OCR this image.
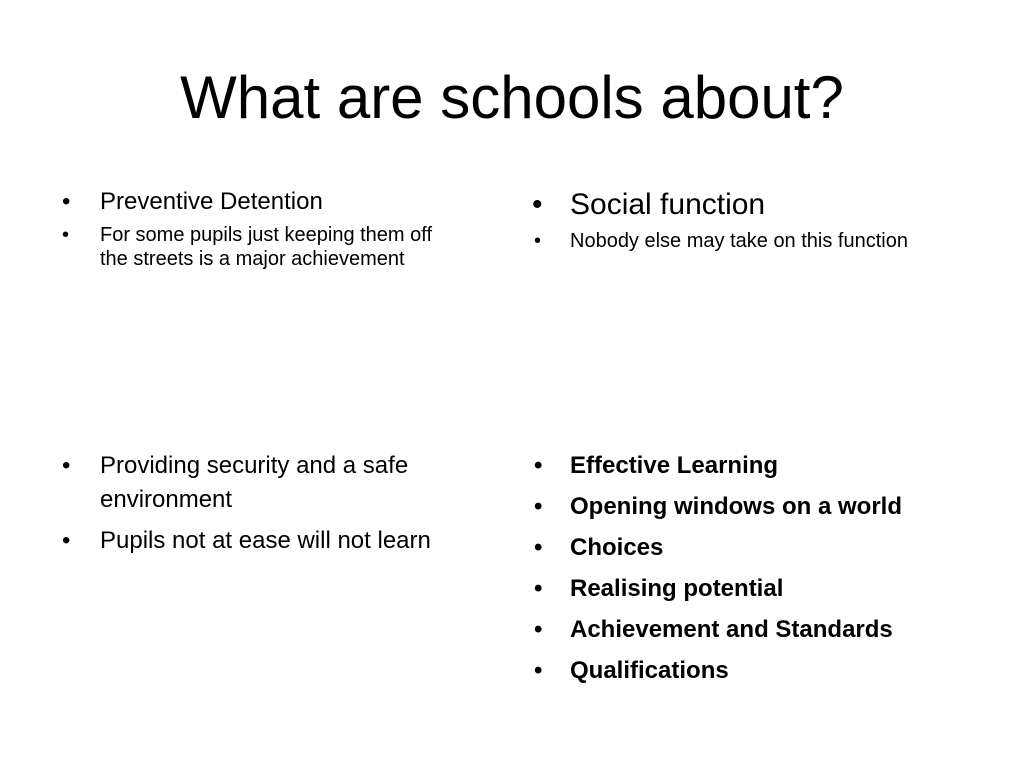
What are schools about?
• Preventive Detention
• For some pupils just keeping them off the streets is a major achievement
• Social function
• Nobody else may take on this function
• Providing security and a safe environment
• Pupils not at ease will not learn
• Effective Learning
• Opening windows on a world
• Choices
• Realising potential
• Achievement and Standards
• Qualifications
